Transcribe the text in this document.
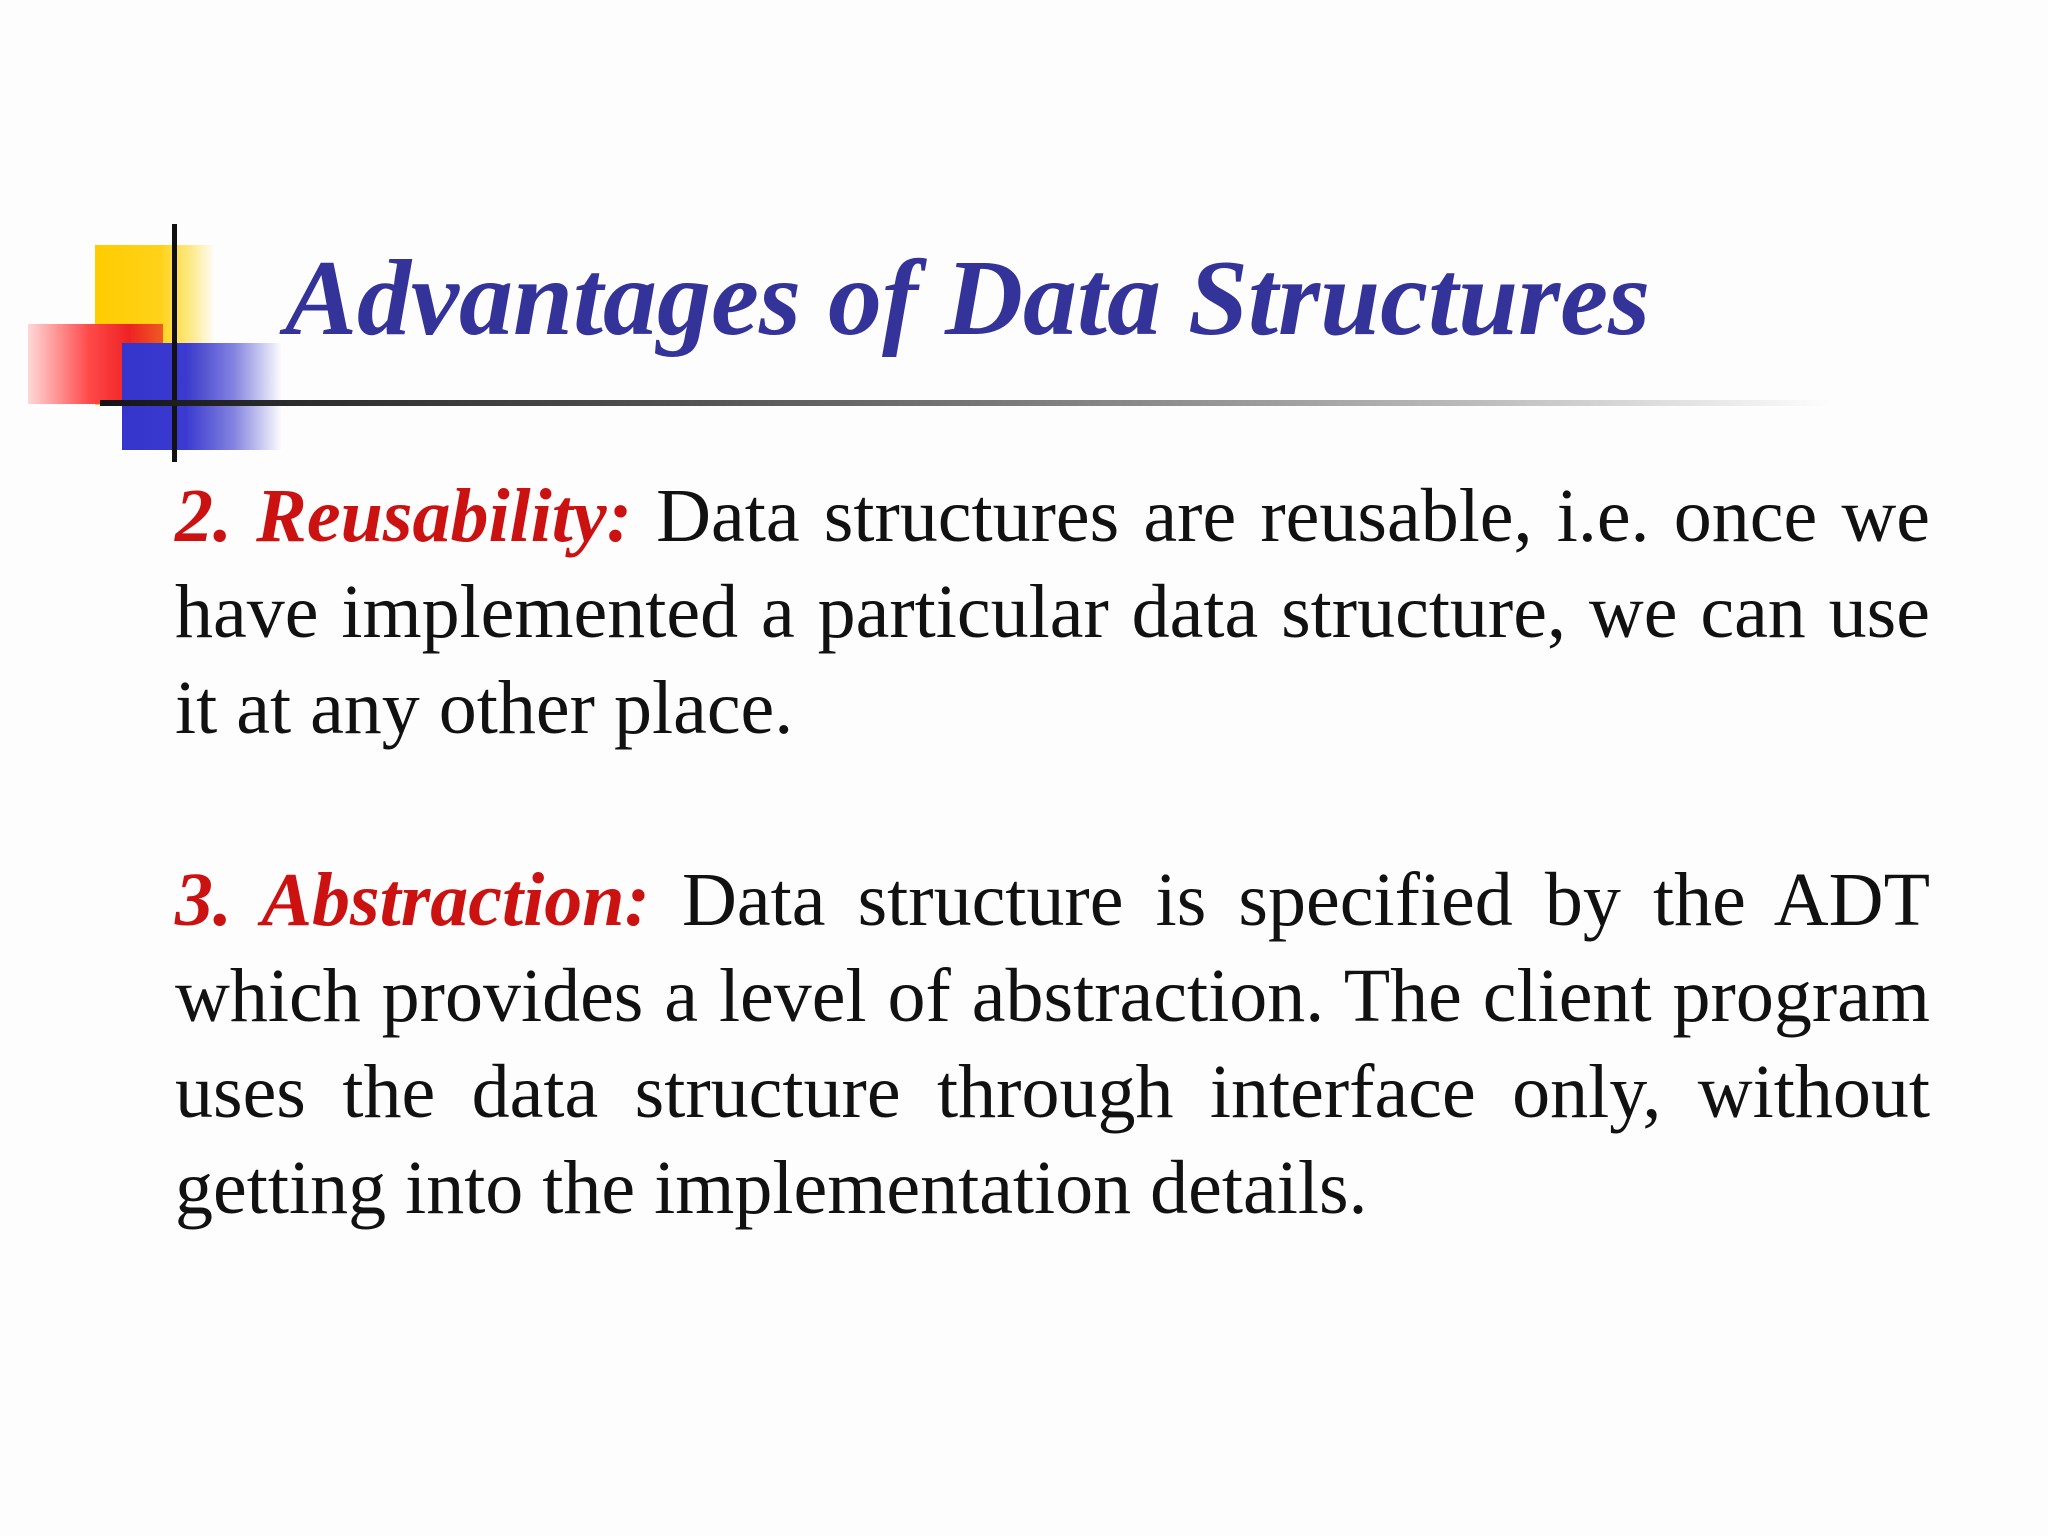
Advantages of Data Structures

2. Reusability: Data structures are reusable, i.e. once we have implemented a particular data structure, we can use it at any other place.

3. Abstraction: Data structure is specified by the ADT which provides a level of abstraction. The client program uses the data structure through interface only, without getting into the implementation details.
